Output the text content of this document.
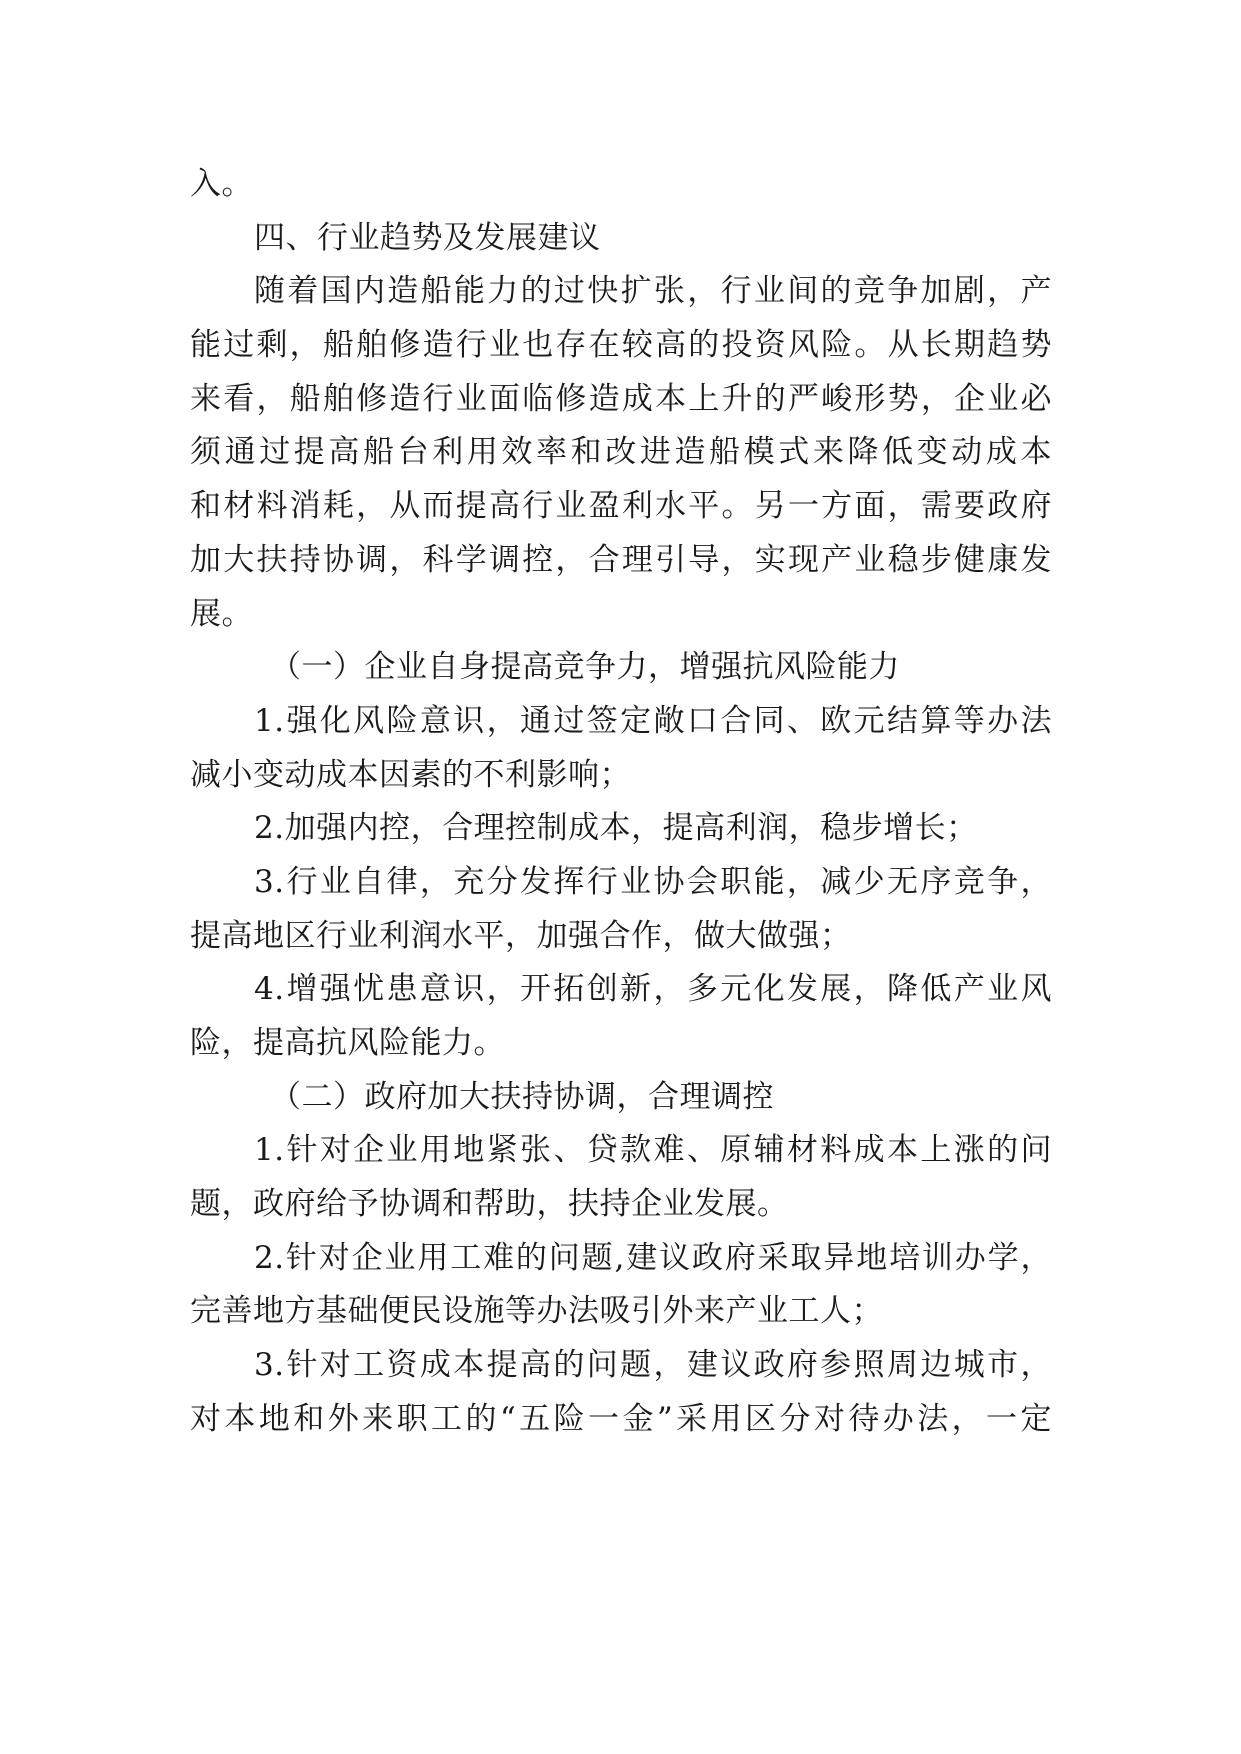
入。
四、行业趋势及发展建议
随着国内造船能力的过快扩张，行业间的竞争加剧，产
能过剩，船舶修造行业也存在较高的投资风险。从长期趋势
来看，船舶修造行业面临修造成本上升的严峻形势，企业必
须通过提高船台利用效率和改进造船模式来降低变动成本
和材料消耗，从而提高行业盈利水平。另一方面，需要政府
加大扶持协调，科学调控，合理引导，实现产业稳步健康发
展。
（一）企业自身提高竞争力，增强抗风险能力
1.强化风险意识，通过签定敞口合同、欧元结算等办法
减小变动成本因素的不利影响；
2.加强内控，合理控制成本，提高利润，稳步增长；
3.行业自律，充分发挥行业协会职能，减少无序竞争，
提高地区行业利润水平，加强合作，做大做强；
4.增强忧患意识，开拓创新，多元化发展，降低产业风
险，提高抗风险能力。
（二）政府加大扶持协调，合理调控
1.针对企业用地紧张、贷款难、原辅材料成本上涨的问
题，政府给予协调和帮助，扶持企业发展。
2.针对企业用工难的问题,建议政府采取异地培训办学，
完善地方基础便民设施等办法吸引外来产业工人；
3.针对工资成本提高的问题，建议政府参照周边城市，
对本地和外来职工的“五险一金”采用区分对待办法，一定
